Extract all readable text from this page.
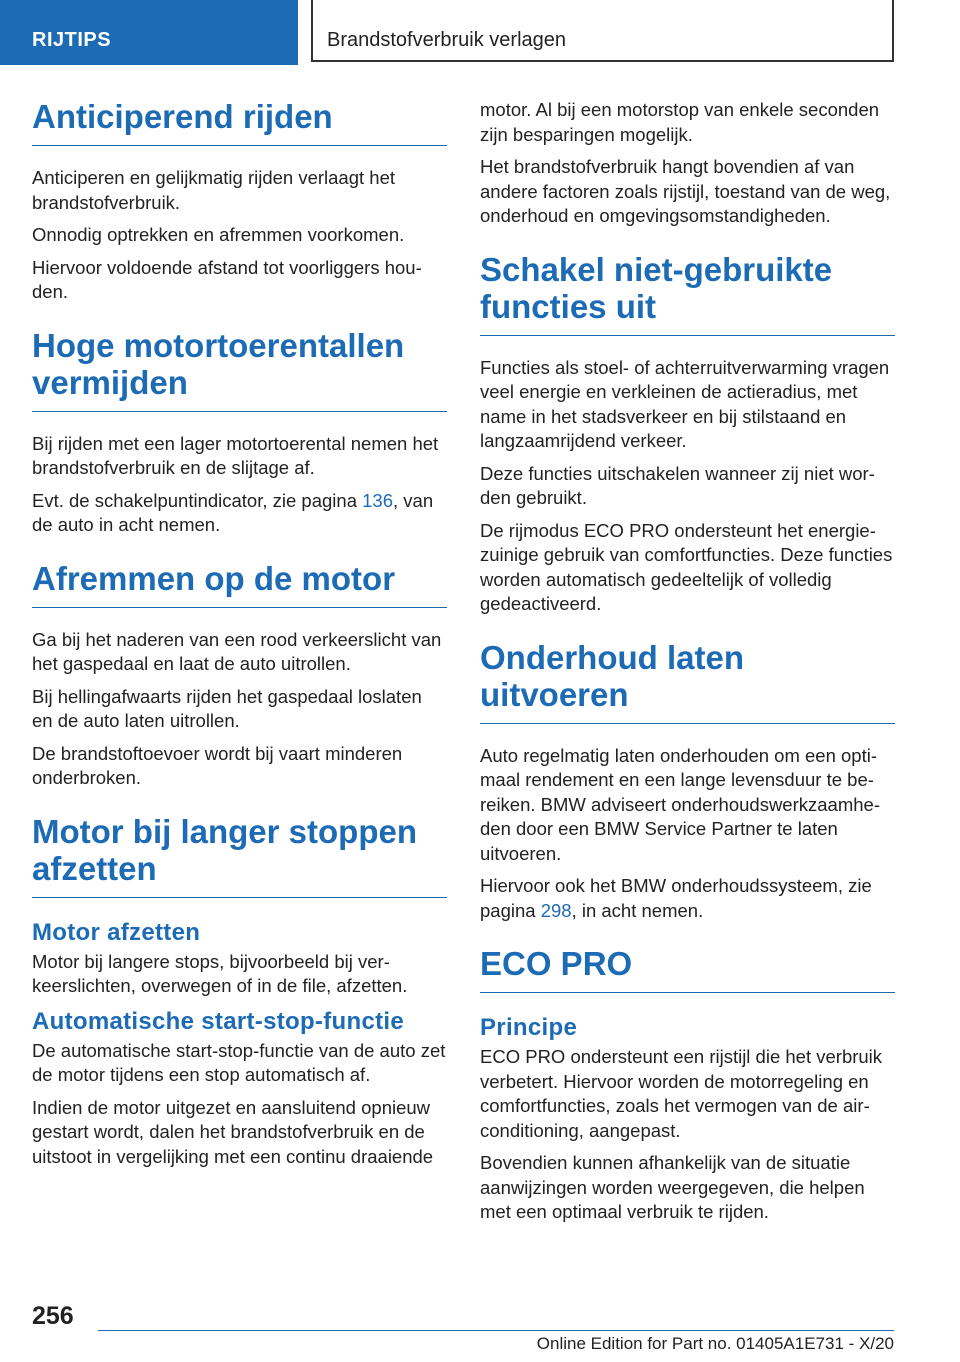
RIJTIPS	Brandstofverbruik verlagen
Anticiperend rijden

Anticiperen en gelijkmatig rijden verlaagt het brandstofverbruik.

Onnodig optrekken en afremmen voorkomen.

Hiervoor voldoende afstand tot voorliggers houden.

Hoge motortoerentallen vermijden

Bij rijden met een lager motortoerental nemen het brandstofverbruik en de slijtage af.

Evt. de schakelpuntindicator, zie pagina 136, van de auto in acht nemen.

Afremmen op de motor

Ga bij het naderen van een rood verkeerslicht van het gaspedaal en laat de auto uitrollen.

Bij hellingafwaarts rijden het gaspedaal loslaten en de auto laten uitrollen.

De brandstoftoevoer wordt bij vaart minderen onderbroken.

Motor bij langer stoppen afzetten
Motor afzetten

Motor bij langere stops, bijvoorbeeld bij verkeerslichten, overwegen of in de file, afzetten.

Automatische start-stop-functie

De automatische start-stop-functie van de auto zet de motor tijdens een stop automatisch af.

Indien de motor uitgezet en aansluitend opnieuw gestart wordt, dalen het brandstofverbruik en de uitstoot in vergelijking met een continu draaiende

motor. Al bij een motorstop van enkele seconden zijn besparingen mogelijk.

Het brandstofverbruik hangt bovendien af van andere factoren zoals rijstijl, toestand van de weg, onderhoud en omgevingsomstandigheden.

Schakel niet-gebruikte functies uit

Functies als stoel- of achterruitverwarming vragen veel energie en verkleinen de actieradius, met name in het stadsverkeer en bij stilstaand en langzaamrijdend verkeer.

Deze functies uitschakelen wanneer zij niet worden gebruikt.

De rijmodus ECO PRO ondersteunt het energiezuinige gebruik van comfortfuncties. Deze functies worden automatisch gedeeltelijk of volledig gedeactiveerd.

Onderhoud laten uitvoeren

Auto regelmatig laten onderhouden om een optimaal rendement en een lange levensduur te bereiken. BMW adviseert onderhoudswerkzaamheden door een BMW Service Partner te laten uitvoeren.

Hiervoor ook het BMW onderhoudssysteem, zie pagina 298, in acht nemen.

ECO PRO
Principe

ECO PRO ondersteunt een rijstijl die het verbruik verbetert. Hiervoor worden de motorregeling en comfortfuncties, zoals het vermogen van de airconditioning, aangepast.

Bovendien kunnen afhankelijk van de situatie aanwijzingen worden weergegeven, die helpen met een optimaal verbruik te rijden.

256
Online Edition for Part no. 01405A1E731 - X/20
